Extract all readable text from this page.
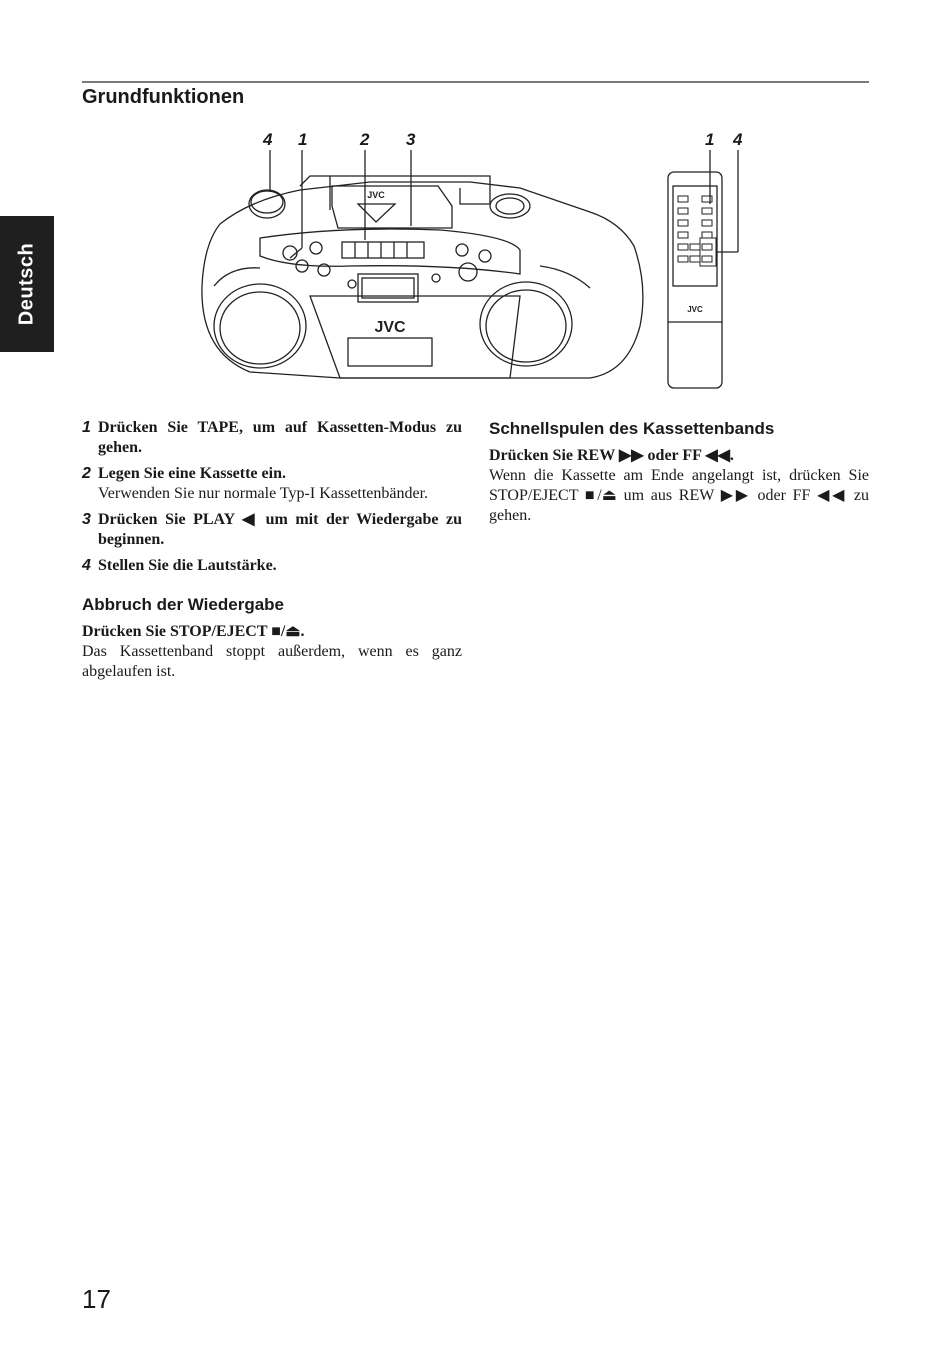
Deutsch
Grundfunktionen
4 1	2 3	1 4
JVC
JVC
JVC
1 Drücken Sie TAPE, um auf Kassetten-Modus zu gehen.
2 Legen Sie eine Kassette ein.
Verwenden Sie nur normale Typ-I Kassettenbänder.
3 Drücken Sie PLAY ◀ um mit der Wiedergabe zu beginnen.
4 Stellen Sie die Lautstärke.
Abbruch der Wiedergabe
Drücken Sie STOP/EJECT ■/⏏.
Das Kassettenband stoppt außerdem, wenn es ganz abgelaufen ist.
Schnellspulen des Kassettenbands
Drücken Sie REW ▶▶ oder FF ◀◀.
Wenn die Kassette am Ende angelangt ist, drücken Sie STOP/EJECT ■/⏏ um aus REW ▶▶ oder FF ◀◀ zu gehen.
17
